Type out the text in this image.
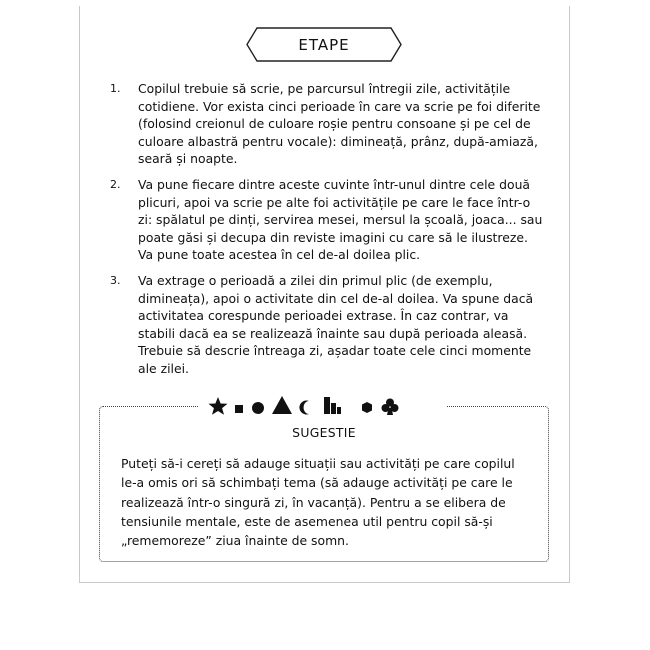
ETAPE
1.	Copilul trebuie să scrie, pe parcursul întregii zile, activitățile cotidiene. Vor exista cinci perioade în care va scrie pe foi diferite (folosind creionul de culoare roșie pentru consoane și pe cel de culoare albastră pentru vocale): dimineață, prânz, după-amiază, seară și noapte.
2.	Va pune fiecare dintre aceste cuvinte într-unul dintre cele două plicuri, apoi va scrie pe alte foi activitățile pe care le face într-o zi: spălatul pe dinți, servirea mesei, mersul la școală, joaca... sau poate găsi și decupa din reviste imagini cu care să le ilustreze. Va pune toate acestea în cel de-al doilea plic.
3.	Va extrage o perioadă a zilei din primul plic (de exemplu, dimineața), apoi o activitate din cel de-al doilea. Va spune dacă activitatea corespunde perioadei extrase. În caz contrar, va stabili dacă ea se realizează înainte sau după perioada aleasă. Trebuie să descrie întreaga zi, așadar toate cele cinci momente ale zilei.
SUGESTIE
Puteți să-i cereți să adauge situații sau activități pe care copilul le-a omis ori să schimbați tema (să adauge activități pe care le realizează într-o singură zi, în vacanță). Pentru a se elibera de tensiunile mentale, este de asemenea util pentru copil să-și „rememoreze” ziua înainte de somn.
